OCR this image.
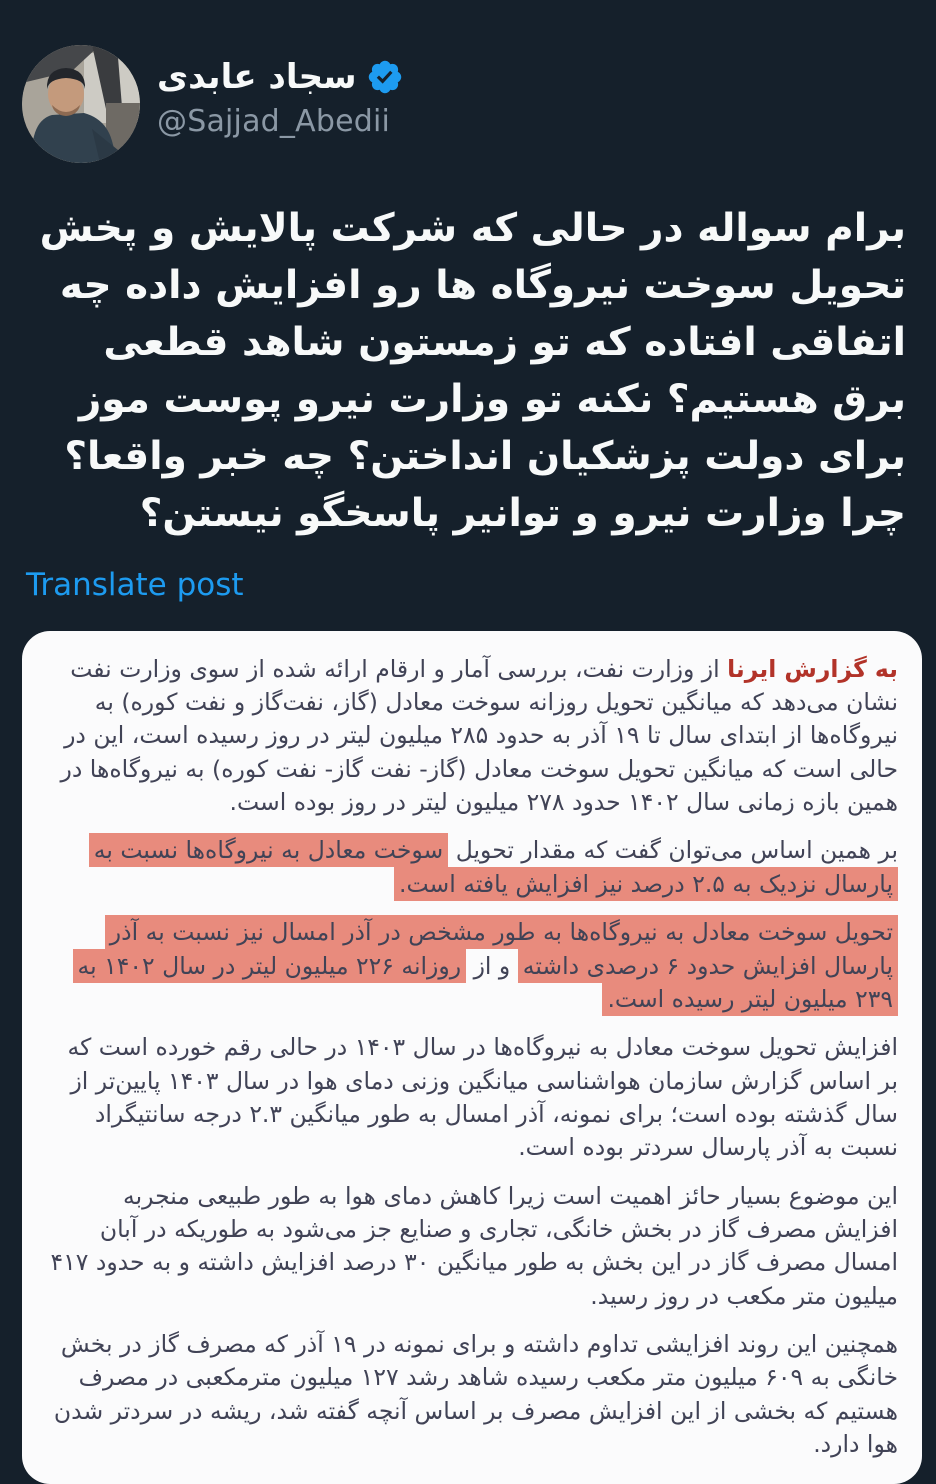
سجاد عابدی
@Sajjad_Abedii
برام سواله در حالی که شرکت پالایش و پخش تحویل سوخت نیروگاه ها رو افزایش داده چه اتفاقی افتاده که تو زمستون شاهد قطعی برق هستیم؟ نکنه تو وزارت نیرو پوست موز برای دولت پزشکیان انداختن؟ چه خبر واقعا؟ چرا وزارت نیرو و توانیر پاسخگو نیستن؟
Translate post

به گزارش ایرنا از وزارت نفت، بررسی آمار و ارقام ارائه شده از سوی وزارت نفت نشان می‌دهد که میانگین تحویل روزانه سوخت معادل (گاز، نفت‌گاز و نفت کوره) به نیروگاه‌ها از ابتدای سال تا ۱۹ آذر به حدود ۲۸۵ میلیون لیتر در روز رسیده است، این در حالی است که میانگین تحویل سوخت معادل (گاز- نفت گاز- نفت کوره) به نیروگاه‌ها در همین بازه زمانی سال ۱۴۰۲ حدود ۲۷۸ میلیون لیتر در روز بوده است.

بر همین اساس می‌توان گفت که مقدار تحویل سوخت معادل به نیروگاه‌ها نسبت به پارسال نزدیک به ۲.۵ درصد نیز افزایش یافته است.

تحویل سوخت معادل به نیروگاه‌ها به طور مشخص در آذر امسال نیز نسبت به آذر پارسال افزایش حدود ۶ درصدی داشته و از روزانه ۲۲۶ میلیون لیتر در سال ۱۴۰۲ به ۲۳۹ میلیون لیتر رسیده است.

افزایش تحویل سوخت معادل به نیروگاه‌ها در سال ۱۴۰۳ در حالی رقم خورده است که بر اساس گزارش سازمان هواشناسی میانگین وزنی دمای هوا در سال ۱۴۰۳ پایین‌تر از سال گذشته بوده است؛ برای نمونه، آذر امسال به طور میانگین ۲.۳ درجه سانتیگراد نسبت به آذر پارسال سردتر بوده است.

این موضوع بسیار حائز اهمیت است زیرا کاهش دمای هوا به طور طبیعی منجربه افزایش مصرف گاز در بخش خانگی، تجاری و صنایع جز می‌شود به طوریکه در آبان امسال مصرف گاز در این بخش به طور میانگین ۳۰ درصد افزایش داشته و به حدود ۴۱۷ میلیون متر مکعب در روز رسید.

همچنین این روند افزایشی تداوم داشته و برای نمونه در ۱۹ آذر که مصرف گاز در بخش خانگی به ۶۰۹ میلیون متر مکعب رسیده شاهد رشد ۱۲۷ میلیون مترمکعبی در مصرف هستیم که بخشی از این افزایش مصرف بر اساس آنچه گفته شد، ریشه در سردتر شدن هوا دارد.
